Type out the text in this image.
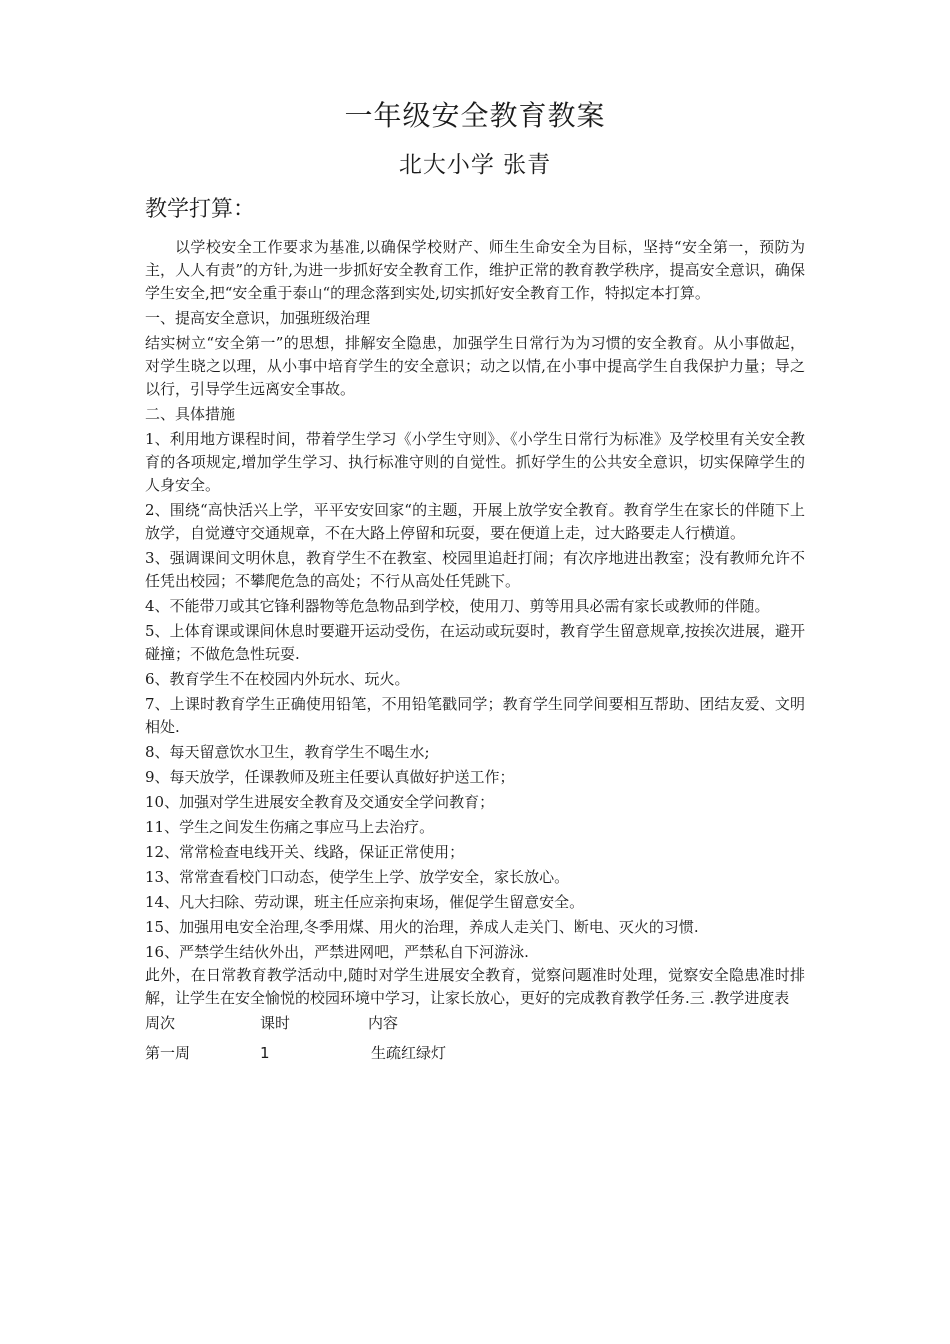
一年级安全教育教案
北大小学 张青
教学打算：

以学校安全工作要求为基准,以确保学校财产、师生生命安全为目标，坚持“安全第一，预防为主，人人有责”的方针,为进一步抓好安全教育工作，维护正常的教育教学秩序，提高安全意识，确保学生安全,把“安全重于泰山“的理念落到实处,切实抓好安全教育工作，特拟定本打算。

一、提高安全意识，加强班级治理

结实树立“安全第一”的思想，排解安全隐患，加强学生日常行为为习惯的安全教育。从小事做起，对学生晓之以理，从小事中培育学生的安全意识；动之以情,在小事中提高学生自我保护力量；导之以行，引导学生远离安全事故。

二、具体措施

1、利用地方课程时间，带着学生学习《小学生守则》、《小学生日常行为标准》及学校里有关安全教育的各项规定,增加学生学习、执行标准守则的自觉性。抓好学生的公共安全意识，切实保障学生的人身安全。

2、围绕“高快活兴上学，平平安安回家“的主题，开展上放学安全教育。教育学生在家长的伴随下上放学，自觉遵守交通规章，不在大路上停留和玩耍，要在便道上走，过大路要走人行横道。

3、强调课间文明休息，教育学生不在教室、校园里追赶打闹；有次序地进出教室；没有教师允许不任凭出校园；不攀爬危急的高处；不行从高处任凭跳下。

4、不能带刀或其它锋利器物等危急物品到学校，使用刀、剪等用具必需有家长或教师的伴随。

5、上体育课或课间休息时要避开运动受伤，在运动或玩耍时，教育学生留意规章,按挨次进展，避开碰撞；不做危急性玩耍.

6、教育学生不在校园内外玩水、玩火。

7、上课时教育学生正确使用铅笔，不用铅笔戳同学；教育学生同学间要相互帮助、团结友爱、文明相处.

8、每天留意饮水卫生，教育学生不喝生水;

9、每天放学，任课教师及班主任要认真做好护送工作；

10、加强对学生进展安全教育及交通安全学问教育；

11、学生之间发生伤痛之事应马上去治疗。

12、常常检查电线开关、线路，保证正常使用；

13、常常查看校门口动态，使学生上学、放学安全，家长放心。

14、凡大扫除、劳动课，班主任应亲拘束场，催促学生留意安全。

15、加强用电安全治理,冬季用煤、用火的治理，养成人走关门、断电、灭火的习惯.

16、严禁学生结伙外出，严禁进网吧，严禁私自下河游泳.

此外，在日常教育教学活动中,随时对学生进展安全教育，觉察问题准时处理，觉察安全隐患准时排解，让学生在安全愉悦的校园环境中学习，让家长放心，更好的完成教育教学任务.三 .教学进度表

周次	课时	内容
第一周	1	生疏红绿灯
